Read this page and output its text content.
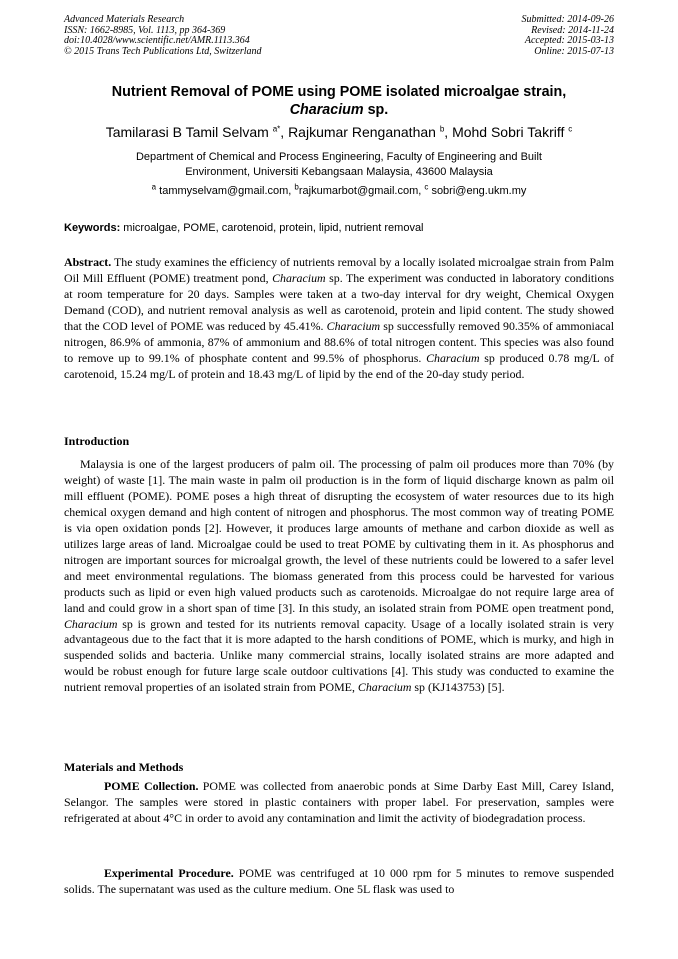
Advanced Materials Research
ISSN: 1662-8985, Vol. 1113, pp 364-369
doi:10.4028/www.scientific.net/AMR.1113.364
© 2015 Trans Tech Publications Ltd, Switzerland
Submitted: 2014-09-26
Revised: 2014-11-24
Accepted: 2015-03-13
Online: 2015-07-13
Nutrient Removal of POME using POME isolated microalgae strain,
Characium sp.
Tamilarasi B Tamil Selvam $^{a*}$, Rajkumar Renganathan $^b$, Mohd Sobri Takriff $^c$
Department of Chemical and Process Engineering, Faculty of Engineering and Built
Environment, Universiti Kebangsaan Malaysia, 43600 Malaysia
$^a$ tammyselvam@gmail.com, $^b$rajkumarbot@gmail.com, $^c$ sobri@eng.ukm.my
Keywords: microalgae, POME, carotenoid, protein, lipid, nutrient removal

Abstract. The study examines the efficiency of nutrients removal by a locally isolated microalgae strain from Palm Oil Mill Effluent (POME) treatment pond, Characium sp. The experiment was conducted in laboratory conditions at room temperature for 20 days. Samples were taken at a two-day interval for dry weight, Chemical Oxygen Demand (COD), and nutrient removal analysis as well as carotenoid, protein and lipid content. The study showed that the COD level of POME was reduced by 45.41%. Characium sp successfully removed 90.35% of ammoniacal nitrogen, 86.9% of ammonia, 87% of ammonium and 88.6% of total nitrogen content. This species was also found to remove up to 99.1% of phosphate content and 99.5% of phosphorus. Characium sp produced 0.78 mg/L of carotenoid, 15.24 mg/L of protein and 18.43 mg/L of lipid by the end of the 20-day study period.

Introduction

Malaysia is one of the largest producers of palm oil. The processing of palm oil produces more than 70% (by weight) of waste [1]. The main waste in palm oil production is in the form of liquid discharge known as palm oil mill effluent (POME). POME poses a high threat of disrupting the ecosystem of water resources due to its high chemical oxygen demand and high content of nitrogen and phosphorus. The most common way of treating POME is via open oxidation ponds [2]. However, it produces large amounts of methane and carbon dioxide as well as utilizes large areas of land. Microalgae could be used to treat POME by cultivating them in it. As phosphorus and nitrogen are important sources for microalgal growth, the level of these nutrients could be lowered to a safer level and meet environmental regulations. The biomass generated from this process could be harvested for various products such as lipid or even high valued products such as carotenoids. Microalgae do not require large area of land and could grow in a short span of time [3]. In this study, an isolated strain from POME open treatment pond, Characium sp is grown and tested for its nutrients removal capacity. Usage of a locally isolated strain is very advantageous due to the fact that it is more adapted to the harsh conditions of POME, which is murky, and high in suspended solids and bacteria. Unlike many commercial strains, locally isolated strains are more adapted and would be robust enough for future large scale outdoor cultivations [4]. This study was conducted to examine the nutrient removal properties of an isolated strain from POME, Characium sp (KJ143753) [5].

Materials and Methods

POME Collection. POME was collected from anaerobic ponds at Sime Darby East Mill, Carey Island, Selangor. The samples were stored in plastic containers with proper label. For preservation, samples were refrigerated at about 4°C in order to avoid any contamination and limit the activity of biodegradation process.

Experimental Procedure. POME was centrifuged at 10 000 rpm for 5 minutes to remove suspended solids. The supernatant was used as the culture medium. One 5L flask was used to
